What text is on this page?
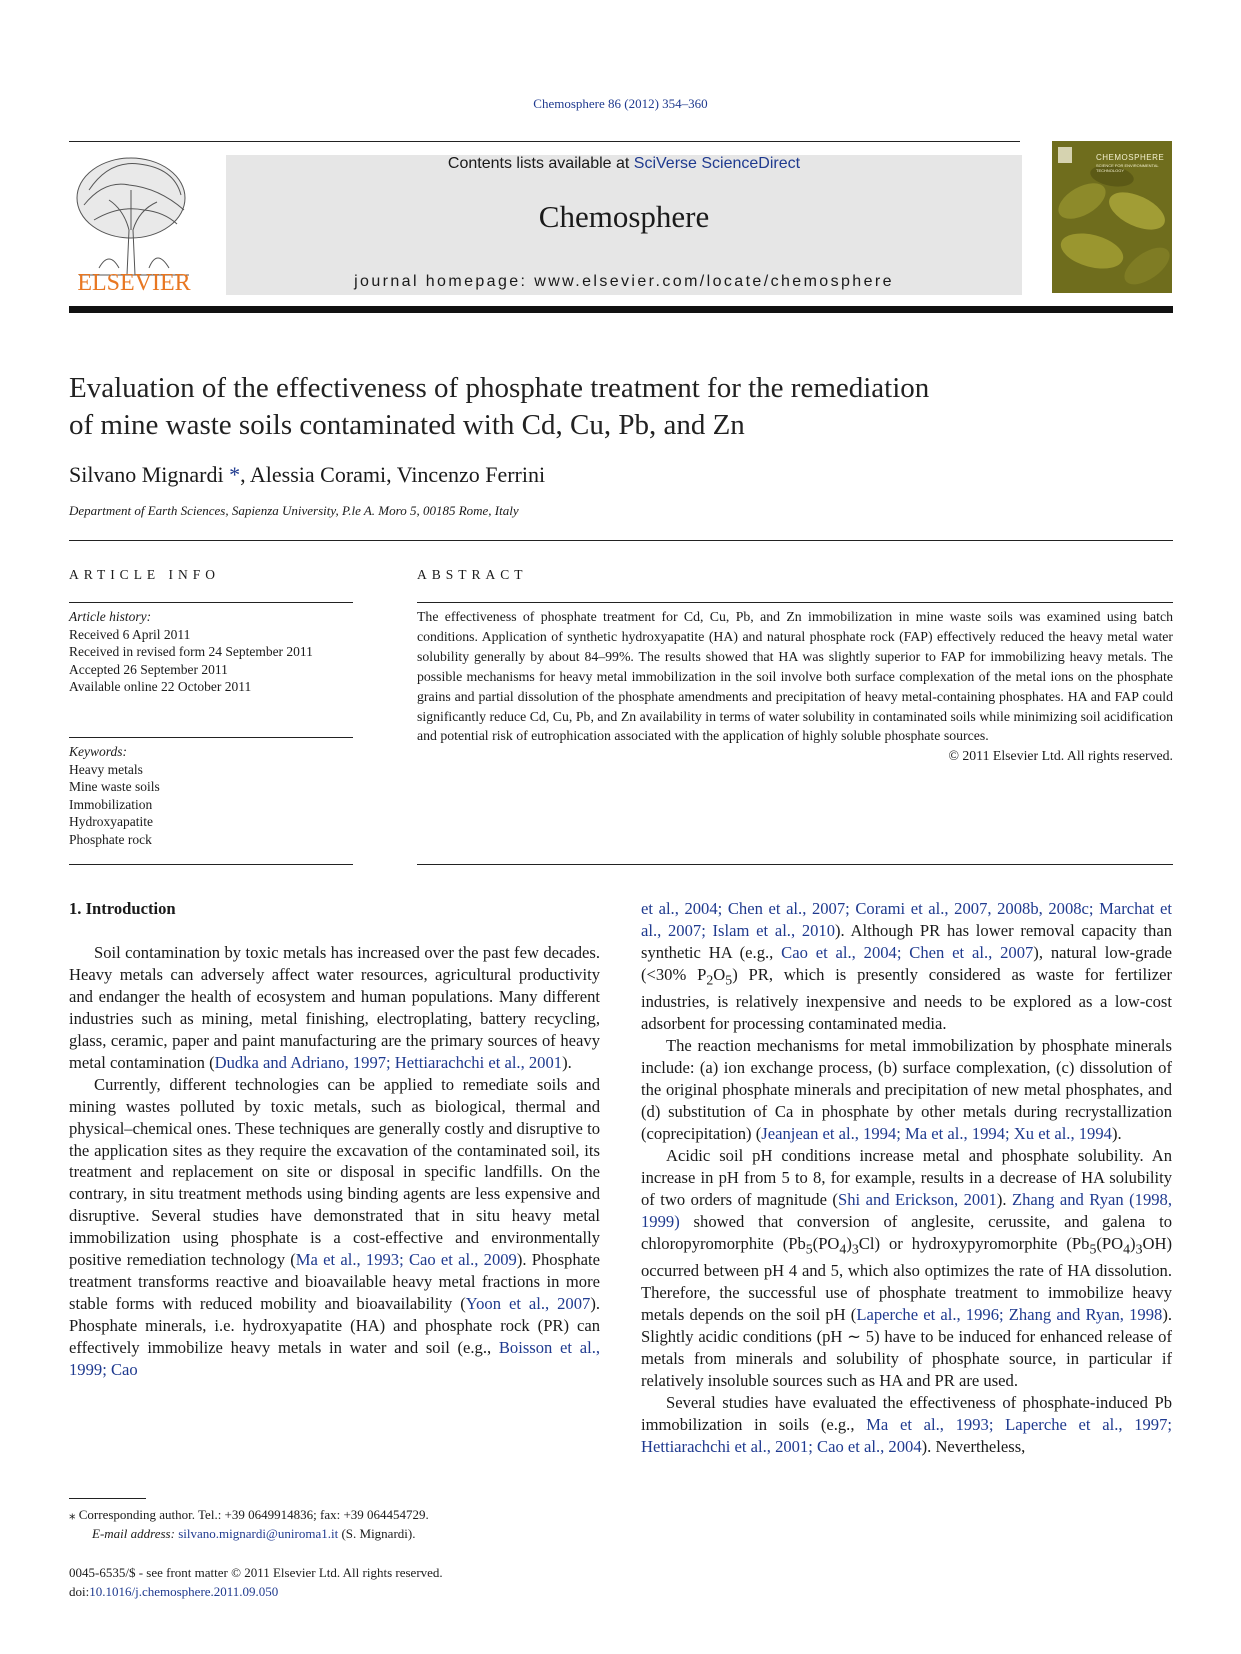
Chemosphere 86 (2012) 354–360
ELSEVIER
Contents lists available at SciVerse ScienceDirect
Chemosphere
journal homepage: www.elsevier.com/locate/chemosphere
CHEMOSPHERE
SCIENCE FOR ENVIRONMENTAL TECHNOLOGY
Evaluation of the effectiveness of phosphate treatment for the remediation
of mine waste soils contaminated with Cd, Cu, Pb, and Zn
Silvano Mignardi *, Alessia Corami, Vincenzo Ferrini
Department of Earth Sciences, Sapienza University, P.le A. Moro 5, 00185 Rome, Italy
ARTICLE INFO
Article history:
Received 6 April 2011
Received in revised form 24 September 2011
Accepted 26 September 2011
Available online 22 October 2011
Keywords:
Heavy metals
Mine waste soils
Immobilization
Hydroxyapatite
Phosphate rock
ABSTRACT
The effectiveness of phosphate treatment for Cd, Cu, Pb, and Zn immobilization in mine waste soils was examined using batch conditions. Application of synthetic hydroxyapatite (HA) and natural phosphate rock (FAP) effectively reduced the heavy metal water solubility generally by about 84–99%. The results showed that HA was slightly superior to FAP for immobilizing heavy metals. The possible mechanisms for heavy metal immobilization in the soil involve both surface complexation of the metal ions on the phosphate grains and partial dissolution of the phosphate amendments and precipitation of heavy metal-containing phosphates. HA and FAP could significantly reduce Cd, Cu, Pb, and Zn availability in terms of water solubility in contaminated soils while minimizing soil acidification and potential risk of eutrophication associated with the application of highly soluble phosphate sources.
© 2011 Elsevier Ltd. All rights reserved.
1. Introduction

Soil contamination by toxic metals has increased over the past few decades. Heavy metals can adversely affect water resources, agricultural productivity and endanger the health of ecosystem and human populations. Many different industries such as mining, metal finishing, electroplating, battery recycling, glass, ceramic, paper and paint manufacturing are the primary sources of heavy metal contamination (Dudka and Adriano, 1997; Hettiarachchi et al., 2001).

Currently, different technologies can be applied to remediate soils and mining wastes polluted by toxic metals, such as biological, thermal and physical–chemical ones. These techniques are generally costly and disruptive to the application sites as they require the excavation of the contaminated soil, its treatment and replacement on site or disposal in specific landfills. On the contrary, in situ treatment methods using binding agents are less expensive and disruptive. Several studies have demonstrated that in situ heavy metal immobilization using phosphate is a cost-effective and environmentally positive remediation technology (Ma et al., 1993; Cao et al., 2009). Phosphate treatment transforms reactive and bioavailable heavy metal fractions in more stable forms with reduced mobility and bioavailability (Yoon et al., 2007). Phosphate minerals, i.e. hydroxyapatite (HA) and phosphate rock (PR) can effectively immobilize heavy metals in water and soil (e.g., Boisson et al., 1999; Cao

et al., 2004; Chen et al., 2007; Corami et al., 2007, 2008b, 2008c; Marchat et al., 2007; Islam et al., 2010). Although PR has lower removal capacity than synthetic HA (e.g., Cao et al., 2004; Chen et al., 2007), natural low-grade (<30% $P_2O_5$) PR, which is presently considered as waste for fertilizer industries, is relatively inexpensive and needs to be explored as a low-cost adsorbent for processing contaminated media.

The reaction mechanisms for metal immobilization by phosphate minerals include: (a) ion exchange process, (b) surface complexation, (c) dissolution of the original phosphate minerals and precipitation of new metal phosphates, and (d) substitution of Ca in phosphate by other metals during recrystallization (coprecipitation) (Jeanjean et al., 1994; Ma et al., 1994; Xu et al., 1994).

Acidic soil pH conditions increase metal and phosphate solubility. An increase in pH from 5 to 8, for example, results in a decrease of HA solubility of two orders of magnitude (Shi and Erickson, 2001). Zhang and Ryan (1998, 1999) showed that conversion of anglesite, cerussite, and galena to chloropyromorphite $(Pb_5(PO_4)_3Cl)$ or hydroxypyromorphite $(Pb_5(PO_4)_3OH)$ occurred between pH 4 and 5, which also optimizes the rate of HA dissolution. Therefore, the successful use of phosphate treatment to immobilize heavy metals depends on the soil pH (Laperche et al., 1996; Zhang and Ryan, 1998). Slightly acidic conditions (pH ∼ 5) have to be induced for enhanced release of metals from minerals and solubility of phosphate source, in particular if relatively insoluble sources such as HA and PR are used.

Several studies have evaluated the effectiveness of phosphate-induced Pb immobilization in soils (e.g., Ma et al., 1993; Laperche et al., 1997; Hettiarachchi et al., 2001; Cao et al., 2004). Nevertheless,

⁎ Corresponding author. Tel.: +39 0649914836; fax: +39 064454729.
E-mail address: silvano.mignardi@uniroma1.it (S. Mignardi).
0045-6535/$ - see front matter © 2011 Elsevier Ltd. All rights reserved.
doi:10.1016/j.chemosphere.2011.09.050
